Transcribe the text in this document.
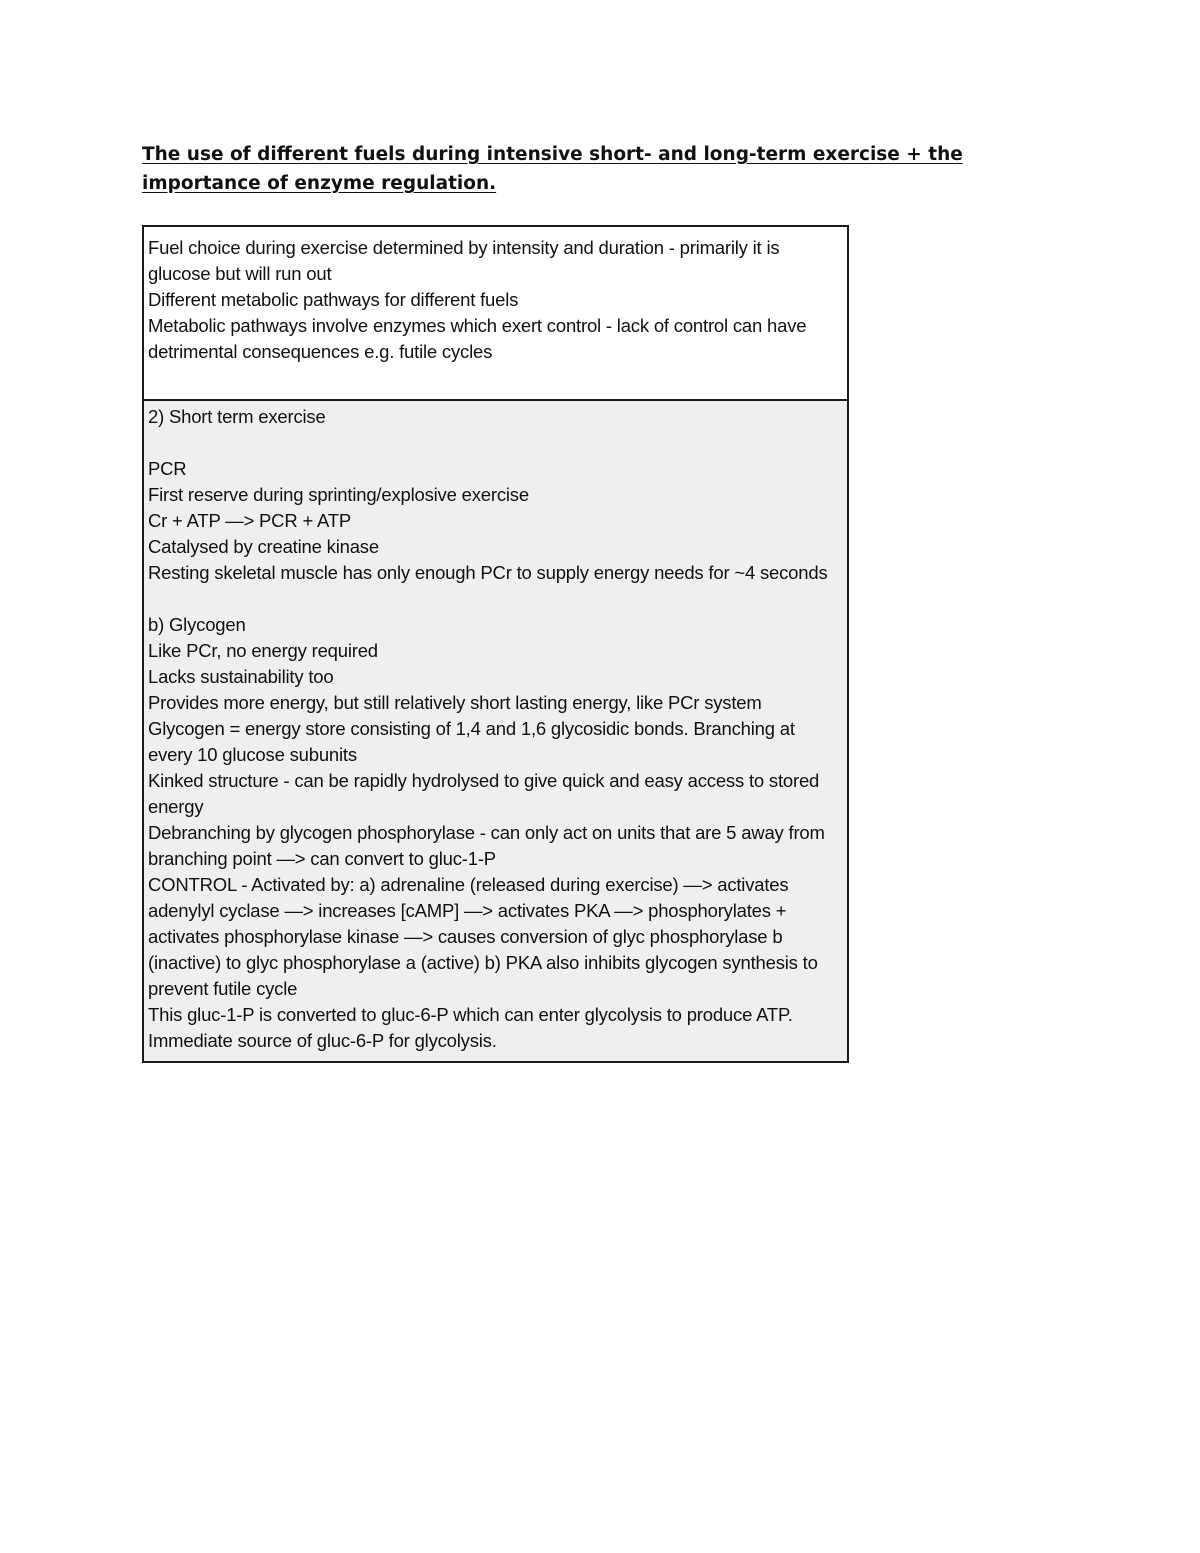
The use of different fuels during intensive short- and long-term exercise + the importance of enzyme regulation.
Fuel choice during exercise determined by intensity and duration - primarily it is glucose but will run out
Different metabolic pathways for different fuels
Metabolic pathways involve enzymes which exert control - lack of control can have detrimental consequences e.g. futile cycles
2) Short term exercise
PCR
First reserve during sprinting/explosive exercise
Cr + ATP —> PCR + ATP
Catalysed by creatine kinase
Resting skeletal muscle has only enough PCr to supply energy needs for ~4 seconds
b) Glycogen
Like PCr, no energy required
Lacks sustainability too
Provides more energy, but still relatively short lasting energy, like PCr system
Glycogen = energy store consisting of 1,4 and 1,6 glycosidic bonds. Branching at every 10 glucose subunits
Kinked structure - can be rapidly hydrolysed to give quick and easy access to stored energy
Debranching by glycogen phosphorylase - can only act on units that are 5 away from branching point —> can convert to gluc-1-P
CONTROL - Activated by: a) adrenaline (released during exercise) —> activates adenylyl cyclase —> increases [cAMP] —> activates PKA —> phosphorylates + activates phosphorylase kinase —> causes conversion of glyc phosphorylase b (inactive) to glyc phosphorylase a (active) b) PKA also inhibits glycogen synthesis to prevent futile cycle
This gluc-1-P is converted to gluc-6-P which can enter glycolysis to produce ATP. Immediate source of gluc-6-P for glycolysis.
